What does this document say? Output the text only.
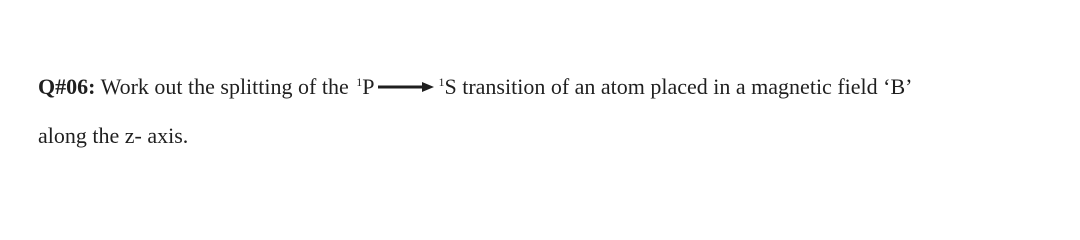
Q#06: Work out the splitting of the $^1$P	$^1$S transition of an atom placed in a magnetic field ‘B’
along the z- axis.
